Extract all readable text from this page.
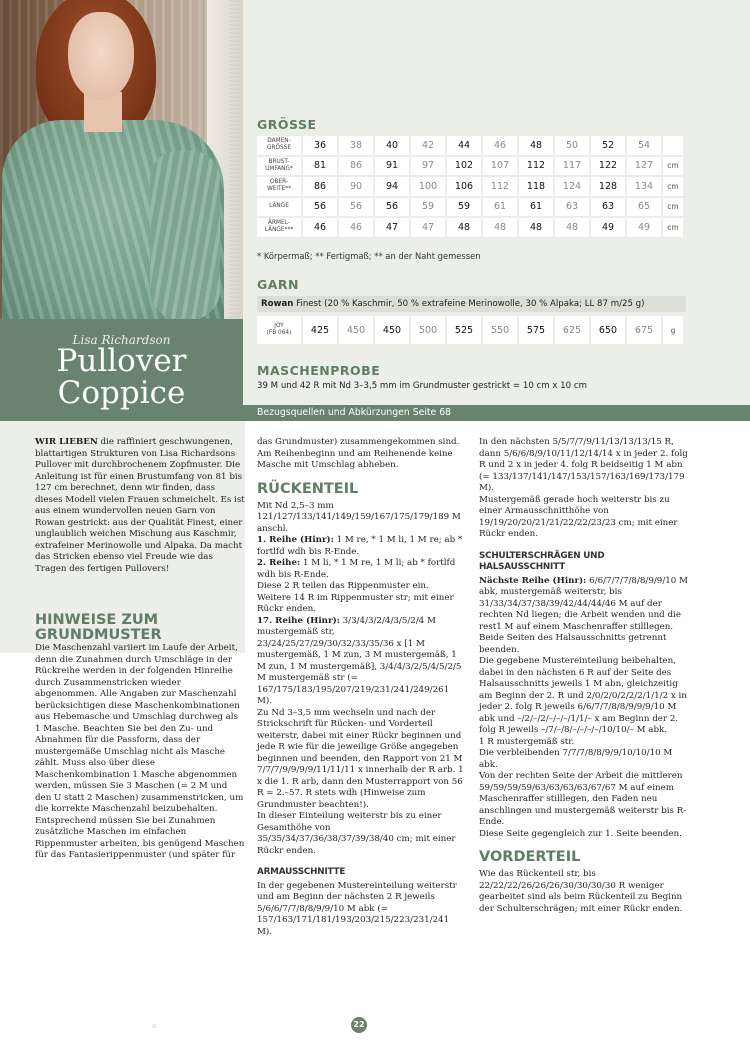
Lisa Richardson
Pullover
Coppice
GRÖSSE
DAMEN-
GRÖSSE	36	38	40	42	44	46	48	50	52	54	
BRUST-
UMFANG*	81	86	91	97	102	107	112	117	122	127	cm
OBER-
WEITE**	86	90	94	100	106	112	118	124	128	134	cm
LÄNGE	56	56	56	59	59	61	61	63	63	65	cm
ÄRMEL-
LÄNGE***	46	46	47	47	48	48	48	48	49	49	cm
* Körpermaß; ** Fertigmaß; ** an der Naht gemessen
GARN
Rowan Finest (20 % Kaschmir, 50 % extrafeine Merinowolle, 30 % Alpaka; LL 87 m/25 g)
JOY
(FB 064)	425	450	450	500	525	550	575	625	650	675	g
MASCHENPROBE
39 M und 42 R mit Nd 3–3,5 mm im Grundmuster gestrickt = 10 cm x 10 cm
Bezugsquellen und Abkürzungen Seite 68

WIR LIEBEN die raffiniert geschwungenen, blattartigen Strukturen von Lisa Richardsons Pullover mit durchbrochenem Zopfmuster. Die Anleitung ist für einen Brustumfang von 81 bis 127 cm berechnet, denn wir finden, dass dieses Modell vielen Frauen schmeichelt. Es ist aus einem wundervollen neuen Garn von Rowan gestrickt: aus der Qualität Finest, einer unglaublich weichen Mischung aus Kaschmir, extrafeiner Merinowolle und Alpaka. Da macht das Stricken ebenso viel Freude wie das Tragen des fertigen Pullovers!

HINWEISE ZUM
GRUNDMUSTER

Die Maschenzahl variiert im Laufe der Arbeit, denn die Zunahmen durch Umschläge in der Rückreihe werden in der folgenden Hinreihe durch Zusammenstricken wieder abgenommen. Alle Angaben zur Maschenzahl berücksichtigen diese Maschenkombinationen aus Hebemasche und Umschlag durchweg als 1 Masche. Beachten Sie bei den Zu- und Abnahmen für die Passform, dass der mustergemäße Umschlag nicht als Masche zählt. Muss also über diese Maschenkombination 1 Masche abgenommen werden, müssen Sie 3 Maschen (= 2 M und den U statt 2 Maschen) zusammenstricken, um die korrekte Maschenzahl beizubehalten. Entsprechend müssen Sie bei Zunahmen zusätzliche Maschen im einfachen Rippenmuster arbeiten, bis genügend Maschen für das Fantasierippenmuster (und später für

das Grundmuster) zusammengekommen sind. Am Reihenbeginn und am Reihenende keine Masche mit Umschlag abheben.

RÜCKENTEIL

Mit Nd 2,5–3 mm 121/127/133/141/149/159/167/175/179/189 M anschl.

1. Reihe (Hinr): 1 M re, * 1 M li, 1 M re; ab * fortlfd wdh bis R-Ende.

2. Reihe: 1 M li, * 1 M re, 1 M li; ab * fortlfd wdh bis R-Ende.

Diese 2 R teilen das Rippenmuster ein. Weitere 14 R im Rippenmuster str; mit einer Rückr enden.

17. Reihe (Hinr): 3/3/4/3/2/4/3/5/2/4 M mustergemäß str, 23/24/25/27/29/30/32/33/35/36 x [1 M mustergemäß, 1 M zun, 3 M mustergemäß, 1 M zun, 1 M mustergemäß], 3/4/4/3/2/5/4/5/2/5 M mustergemäß str (= 167/175/183/195/207/219/231/241/249/261 M).

Zu Nd 3–3,5 mm wechseln und nach der Strickschrift für Rücken- und Vorderteil weiterstr, dabei mit einer Rückr beginnen und jede R wie für die jeweilige Größe angegeben beginnen und beenden, den Rapport von 21 M 7/7/7/9/9/9/9/11/11/11 x innerhalb der R arb. 1 x die 1. R arb, dann den Musterrapport von 56 R = 2.–57. R stets wdh (Hinweise zum Grundmuster beachten!).

In dieser Einteilung weiterstr bis zu einer Gesamthöhe von 35/35/34/37/36/38/37/39/38/40 cm; mit einer Rückr enden.

ARMAUSSCHNITTE

In der gegebenen Mustereinteilung weiterstr und am Beginn der nächsten 2 R jeweils 5/6/6/7/7/8/8/9/9/10 M abk (= 157/163/171/181/193/203/215/223/231/241 M).

In den nächsten 5/5/7/7/9/11/13/13/13/15 R, dann 5/6/6/8/9/10/11/12/14/14 x in jeder 2. folg R und 2 x in jeder 4. folg R beidseitig 1 M abn (= 133/137/141/147/153/157/163/169/173/179 M).

Mustergemäß gerade hoch weiterstr bis zu einer Armausschnitthöhe von 19/19/20/20/21/21/22/22/23/23 cm; mit einer Rückr enden.

SCHULTERSCHRÄGEN UND HALSAUSSCHNITT

Nächste Reihe (Hinr): 6/6/7/7/7/8/8/9/9/10 M abk, mustergemäß weiterstr, bis 31/33/34/37/38/39/42/44/44/46 M auf der rechten Nd liegen; die Arbeit wenden und die rest1 M auf einem Maschenraffer stilllegen.

Beide Seiten des Halsausschnitts getrennt beenden.

Die gegebene Mustereinteilung beibehalten, dabei in den nächsten 6 R auf der Seite des Halsausschnitts jeweils 1 M abn, gleichzeitig am Beginn der 2. R und 2/0/2/0/2/2/2/1/1/2 x in jeder 2. folg R jeweils 6/6/7/7/8/8/9/9/9/10 M abk und –/2/–/2/–/–/–/1/1/– x am Beginn der 2. folg R jeweils –/7/–/8/–/–/–/–/10/10/– M abk.

1 R mustergemäß str.

Die verbleibenden 7/7/7/8/8/9/9/10/10/10 M abk.

Von der rechten Seite der Arbeit die mittleren 59/59/59/59/63/63/63/63/67/67 M auf einem Maschenraffer stilllegen, den Faden neu anschlingen und mustergemäß weiterstr bis R-Ende.

Diese Seite gegengleich zur 1. Seite beenden.

VORDERTEIL

Wie das Rückenteil str, bis 22/22/22/26/26/26/30/30/30/30 R weniger gearbeitet sind als beim Rückenteil zu Beginn der Schulterschrägen; mit einer Rückr enden.

o	22
